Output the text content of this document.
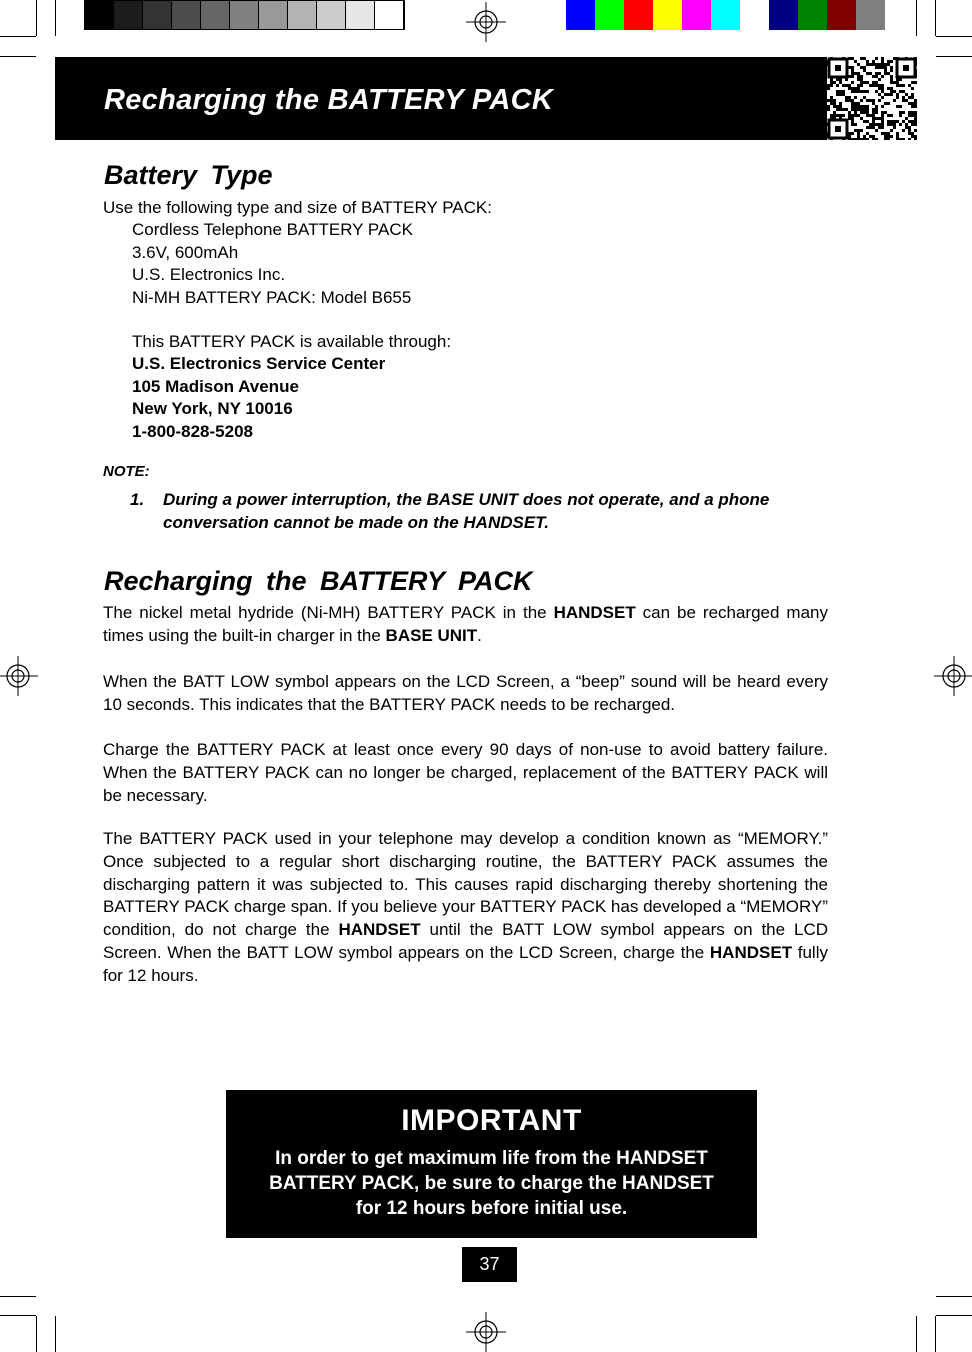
Recharging the BATTERY PACK
Battery Type
Use the following type and size of BATTERY PACK:
Cordless Telephone BATTERY PACK
3.6V, 600mAh
U.S. Electronics Inc.
Ni-MH BATTERY PACK: Model B655
This BATTERY PACK is available through:
U.S. Electronics Service Center
105 Madison Avenue
New York, NY 10016
1-800-828-5208
NOTE:
1. During a power interruption, the BASE UNIT does not operate, and a phone conversation cannot be made on the HANDSET.
Recharging the BATTERY PACK
The nickel metal hydride (Ni-MH) BATTERY PACK in the HANDSET can be recharged many times using the built-in charger in the BASE UNIT.
When the BATT LOW symbol appears on the LCD Screen, a “beep” sound will be heard every 10 seconds. This indicates that the BATTERY PACK needs to be recharged.
Charge the BATTERY PACK at least once every 90 days of non-use to avoid battery failure. When the BATTERY PACK can no longer be charged, replacement of the BATTERY PACK will be necessary.
The BATTERY PACK used in your telephone may develop a condition known as “MEMORY.” Once subjected to a regular short discharging routine, the BATTERY PACK assumes the discharging pattern it was subjected to. This causes rapid discharging thereby shortening the BATTERY PACK charge span. If you believe your BATTERY PACK has developed a “MEMORY” condition, do not charge the HANDSET until the BATT LOW symbol appears on the LCD Screen. When the BATT LOW symbol appears on the LCD Screen, charge the HANDSET fully for 12 hours.
IMPORTANT
In order to get maximum life from the HANDSET
BATTERY PACK, be sure to charge the HANDSET
for 12 hours before initial use.
37
